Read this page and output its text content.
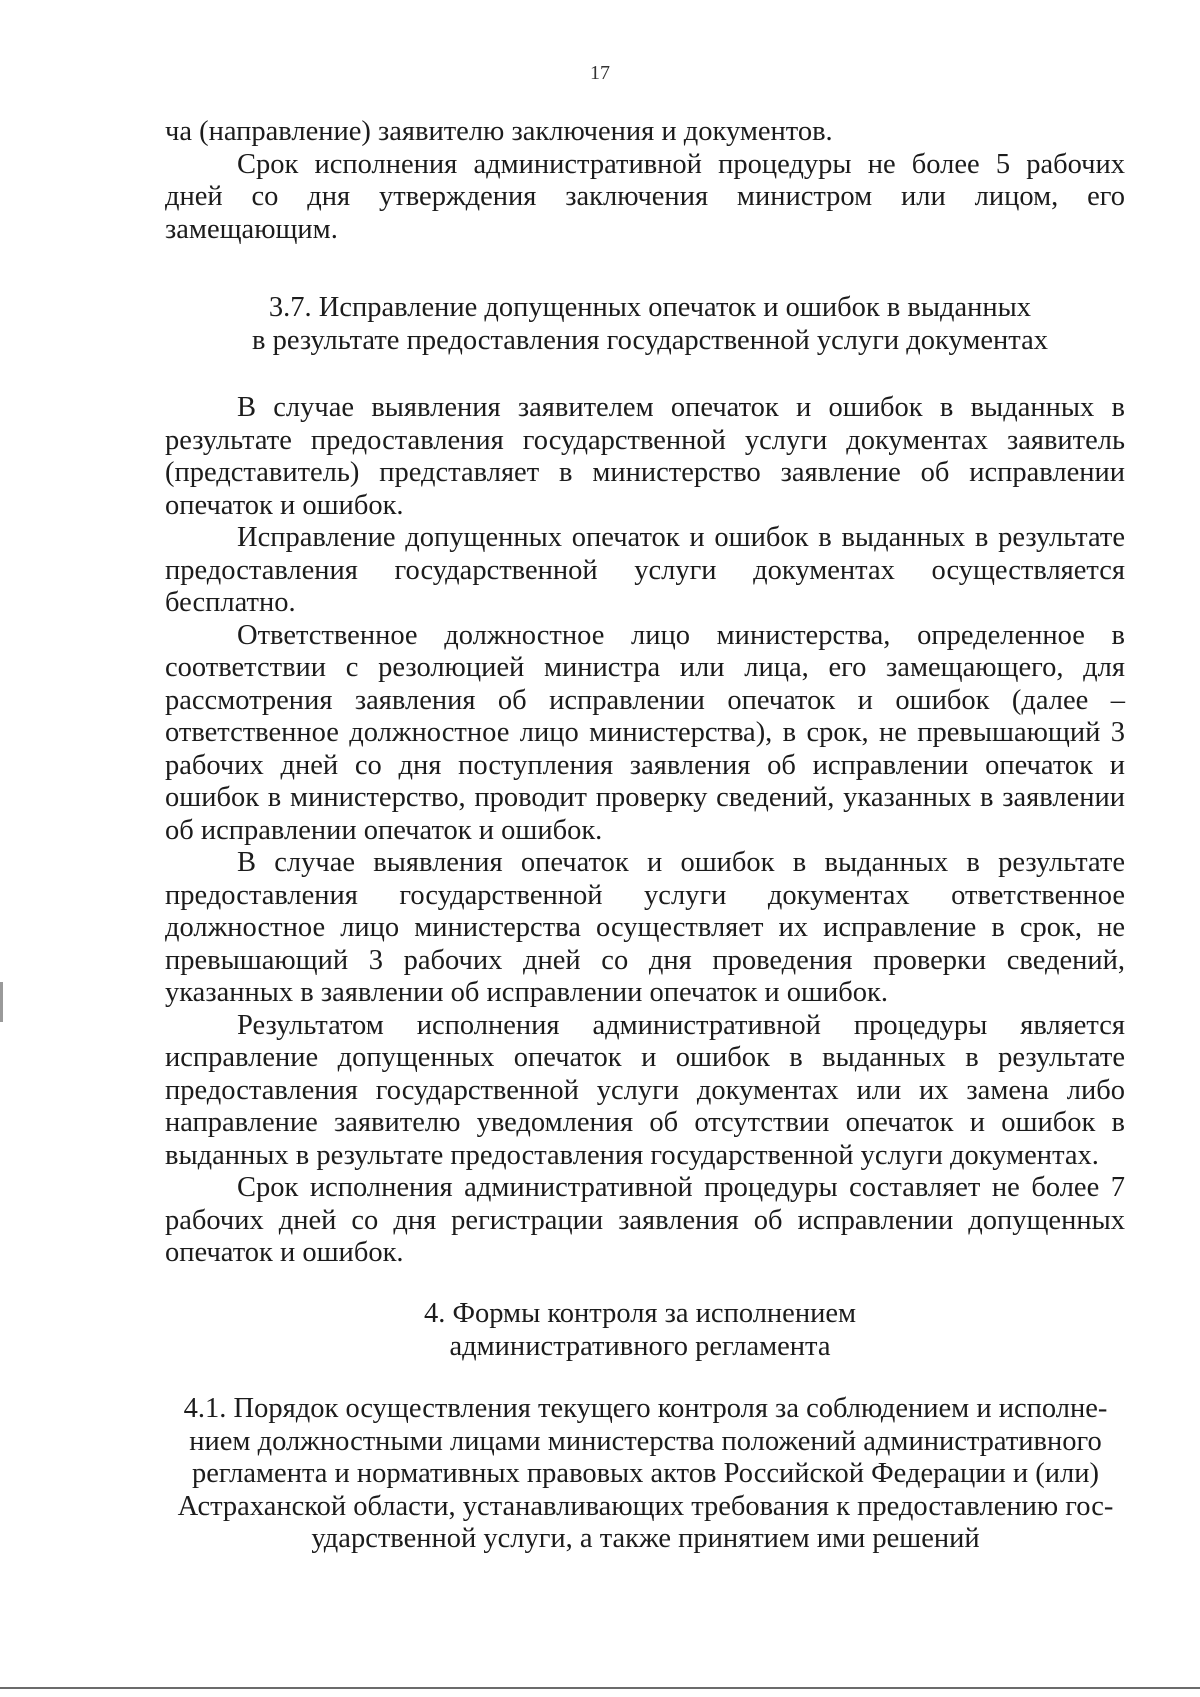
17

ча (направление) заявителю заключения и документов.

Срок исполнения административной процедуры не более 5 рабочих дней со дня утверждения заключения министром или лицом, его замещающим.

3.7. Исправление допущенных опечаток и ошибок в выданных

в результате предоставления государственной услуги документах

В случае выявления заявителем опечаток и ошибок в выданных в результате предоставления государственной услуги документах заявитель (представитель) представляет в министерство заявление об исправлении опечаток и ошибок.

Исправление допущенных опечаток и ошибок в выданных в результате предоставления государственной услуги документах осуществляется бесплатно.

Ответственное должностное лицо министерства, определенное в соответствии с резолюцией министра или лица, его замещающего, для рассмотрения заявления об исправлении опечаток и ошибок (далее – ответственное должностное лицо министерства), в срок, не превышающий 3 рабочих дней со дня поступления заявления об исправлении опечаток и ошибок в министерство, проводит проверку сведений, указанных в заявлении об исправлении опечаток и ошибок.

В случае выявления опечаток и ошибок в выданных в результате предоставления государственной услуги документах ответственное должностное лицо министерства осуществляет их исправление в срок, не превышающий 3 рабочих дней со дня проведения проверки сведений, указанных в заявлении об исправлении опечаток и ошибок.

Результатом исполнения административной процедуры является исправление допущенных опечаток и ошибок в выданных в результате предоставления государственной услуги документах или их замена либо направление заявителю уведомления об отсутствии опечаток и ошибок в выданных в результате предоставления государственной услуги документах.

Срок исполнения административной процедуры составляет не более 7 рабочих дней со дня регистрации заявления об исправлении допущенных опечаток и ошибок.

4. Формы контроля за исполнением

административного регламента

4.1. Порядок осуществления текущего контроля за соблюдением и исполне-

нием должностными лицами министерства положений административного

регламента и нормативных правовых актов Российской Федерации и (или)

Астраханской области, устанавливающих требования к предоставлению гос-

ударственной услуги, а также принятием ими решений
